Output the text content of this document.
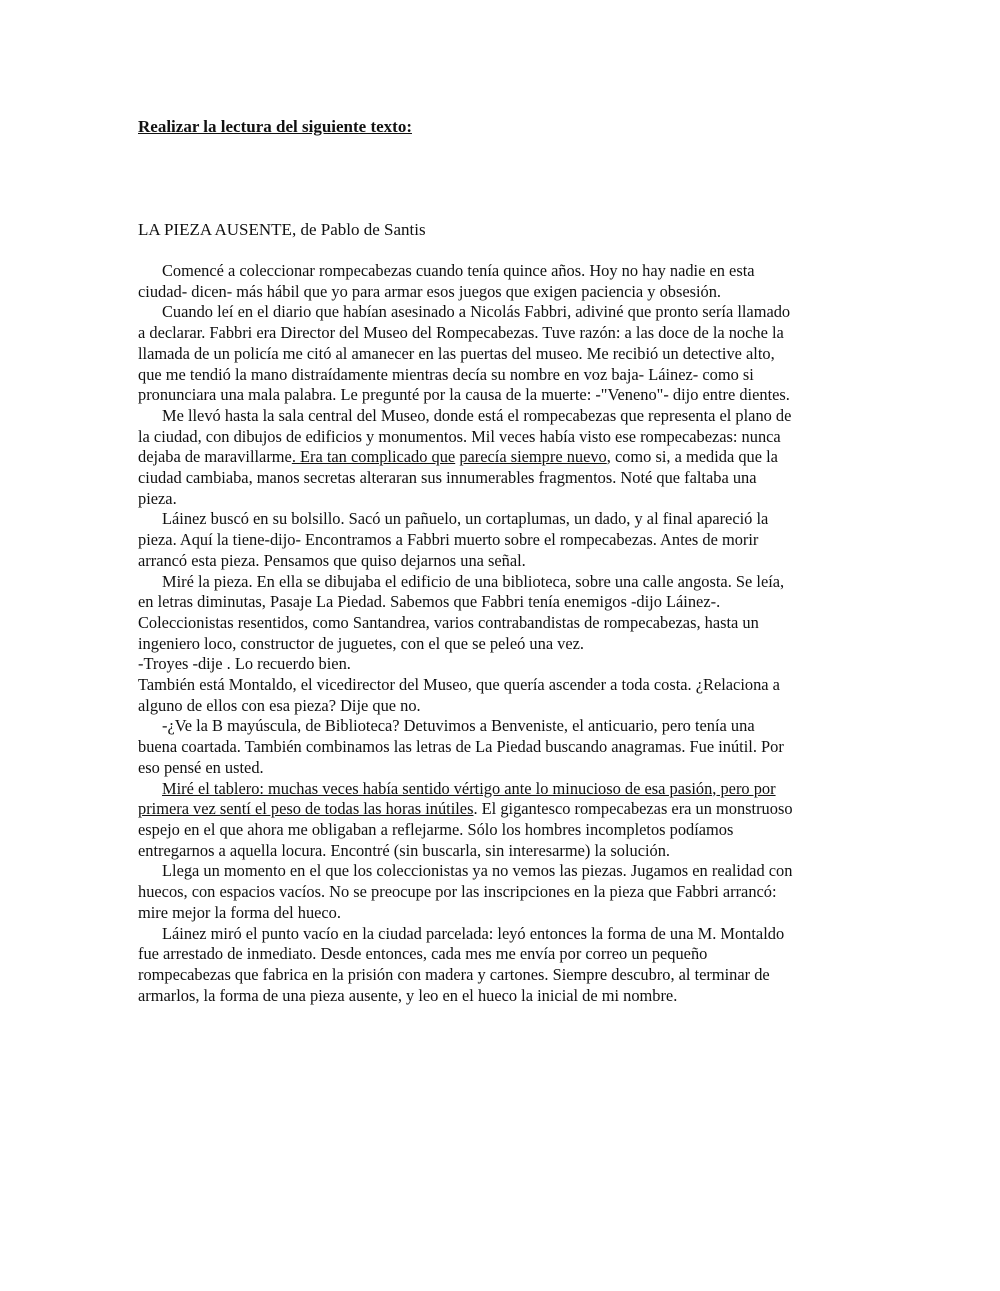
Realizar la lectura del siguiente texto:

LA PIEZA AUSENTE, de Pablo de Santis
Comencé a coleccionar rompecabezas cuando tenía quince años. Hoy no hay nadie en esta
ciudad- dicen- más hábil que yo para armar esos juegos que exigen paciencia y obsesión.
Cuando leí en el diario que habían asesinado a Nicolás Fabbri, adiviné que pronto sería llamado
a declarar. Fabbri era Director del Museo del Rompecabezas. Tuve razón: a las doce de la noche la
llamada de un policía me citó al amanecer en las puertas del museo. Me recibió un detective alto,
que me tendió la mano distraídamente mientras decía su nombre en voz baja- Láinez- como si
pronunciara una mala palabra. Le pregunté por la causa de la muerte: -"Veneno"- dijo entre dientes.
Me llevó hasta la sala central del Museo, donde está el rompecabezas que representa el plano de
la ciudad, con dibujos de edificios y monumentos. Mil veces había visto ese rompecabezas: nunca
dejaba de maravillarme. Era tan complicado que parecía siempre nuevo, como si, a medida que la
ciudad cambiaba, manos secretas alteraran sus innumerables fragmentos. Noté que faltaba una
pieza.
Láinez buscó en su bolsillo. Sacó un pañuelo, un cortaplumas, un dado, y al final apareció la
pieza. Aquí la tiene-dijo- Encontramos a Fabbri muerto sobre el rompecabezas. Antes de morir
arrancó esta pieza. Pensamos que quiso dejarnos una señal.
Miré la pieza. En ella se dibujaba el edificio de una biblioteca, sobre una calle angosta. Se leía,
en letras diminutas, Pasaje La Piedad. Sabemos que Fabbri tenía enemigos -dijo Láinez-.
Coleccionistas resentidos, como Santandrea, varios contrabandistas de rompecabezas, hasta un
ingeniero loco, constructor de juguetes, con el que se peleó una vez.
-Troyes -dije . Lo recuerdo bien.
También está Montaldo, el vicedirector del Museo, que quería ascender a toda costa. ¿Relaciona a
alguno de ellos con esa pieza? Dije que no.
-¿Ve la B mayúscula, de Biblioteca? Detuvimos a Benveniste, el anticuario, pero tenía una
buena coartada. También combinamos las letras de La Piedad buscando anagramas. Fue inútil. Por
eso pensé en usted.
Miré el tablero: muchas veces había sentido vértigo ante lo minucioso de esa pasión, pero por
primera vez sentí el peso de todas las horas inútiles. El gigantesco rompecabezas era un monstruoso
espejo en el que ahora me obligaban a reflejarme. Sólo los hombres incompletos podíamos
entregarnos a aquella locura. Encontré (sin buscarla, sin interesarme) la solución.
Llega un momento en el que los coleccionistas ya no vemos las piezas. Jugamos en realidad con
huecos, con espacios vacíos. No se preocupe por las inscripciones en la pieza que Fabbri arrancó:
mire mejor la forma del hueco.
Láinez miró el punto vacío en la ciudad parcelada: leyó entonces la forma de una M. Montaldo
fue arrestado de inmediato. Desde entonces, cada mes me envía por correo un pequeño
rompecabezas que fabrica en la prisión con madera y cartones. Siempre descubro, al terminar de
armarlos, la forma de una pieza ausente, y leo en el hueco la inicial de mi nombre.
